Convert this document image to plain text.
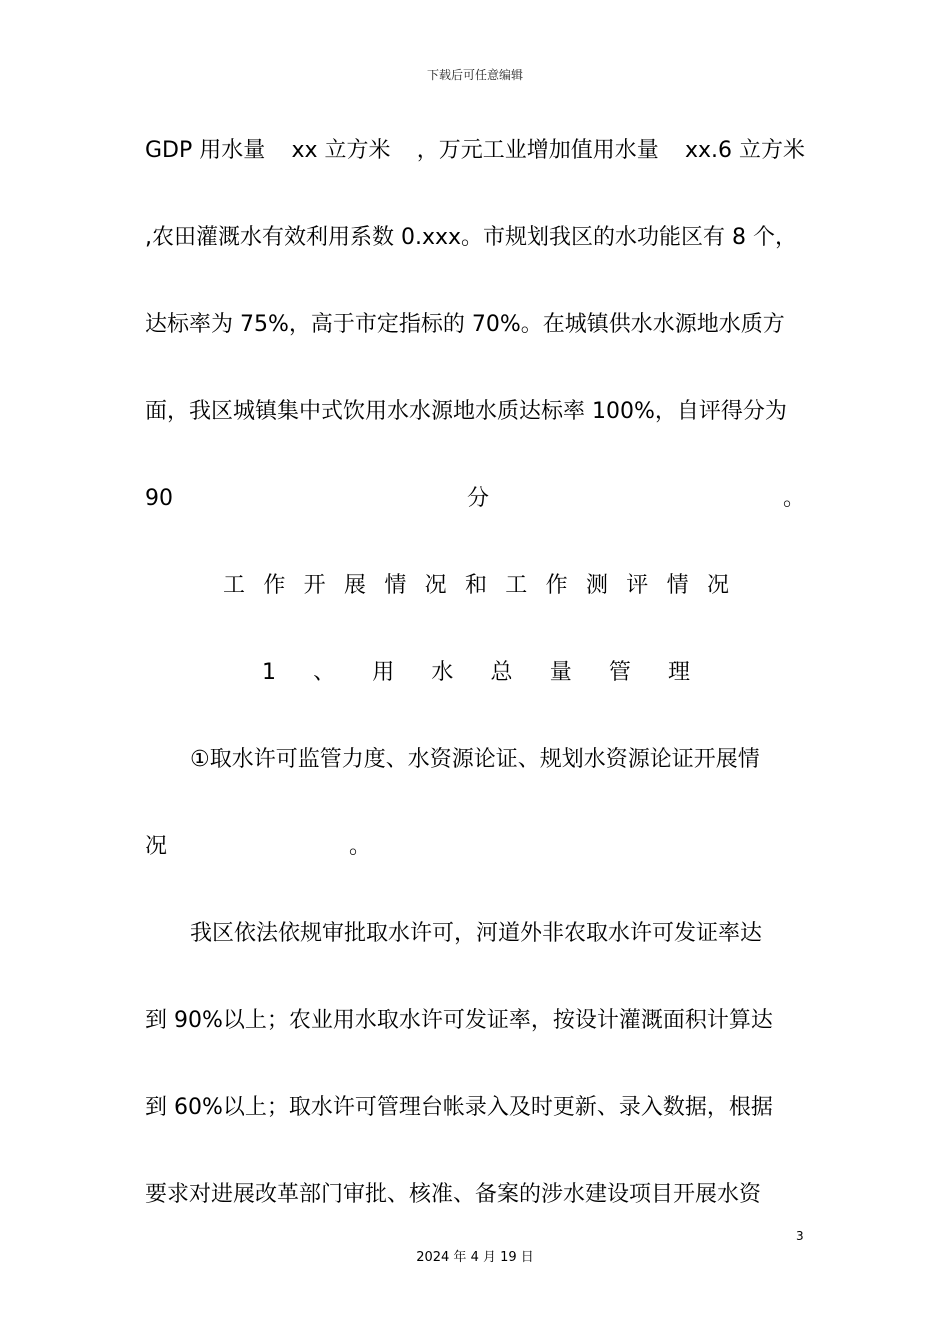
下载后可任意编辑
GDP 用水量 xx 立方米 ，万元工业增加值用水量 xx.6 立方米
,农田灌溉水有效利用系数 0.xxx。市规划我区的水功能区有 8 个，
达标率为 75%，高于市定指标的 70%。在城镇供水水源地水质方
面，我区城镇集中式饮用水水源地水质达标率 100%，自评得分为
90	分	。
工 作 开 展 情 况 和 工 作 测 评 情 况
1 、 用 水 总 量 管 理
①取水许可监管力度、水资源论证、规划水资源论证开展情
况	。
我区依法依规审批取水许可，河道外非农取水许可发证率达
到 90%以上；农业用水取水许可发证率，按设计灌溉面积计算达
到 60%以上；取水许可管理台帐录入及时更新、录入数据，根据
要求对进展改革部门审批、核准、备案的涉水建设项目开展水资
3
2024 年 4 月 19 日
